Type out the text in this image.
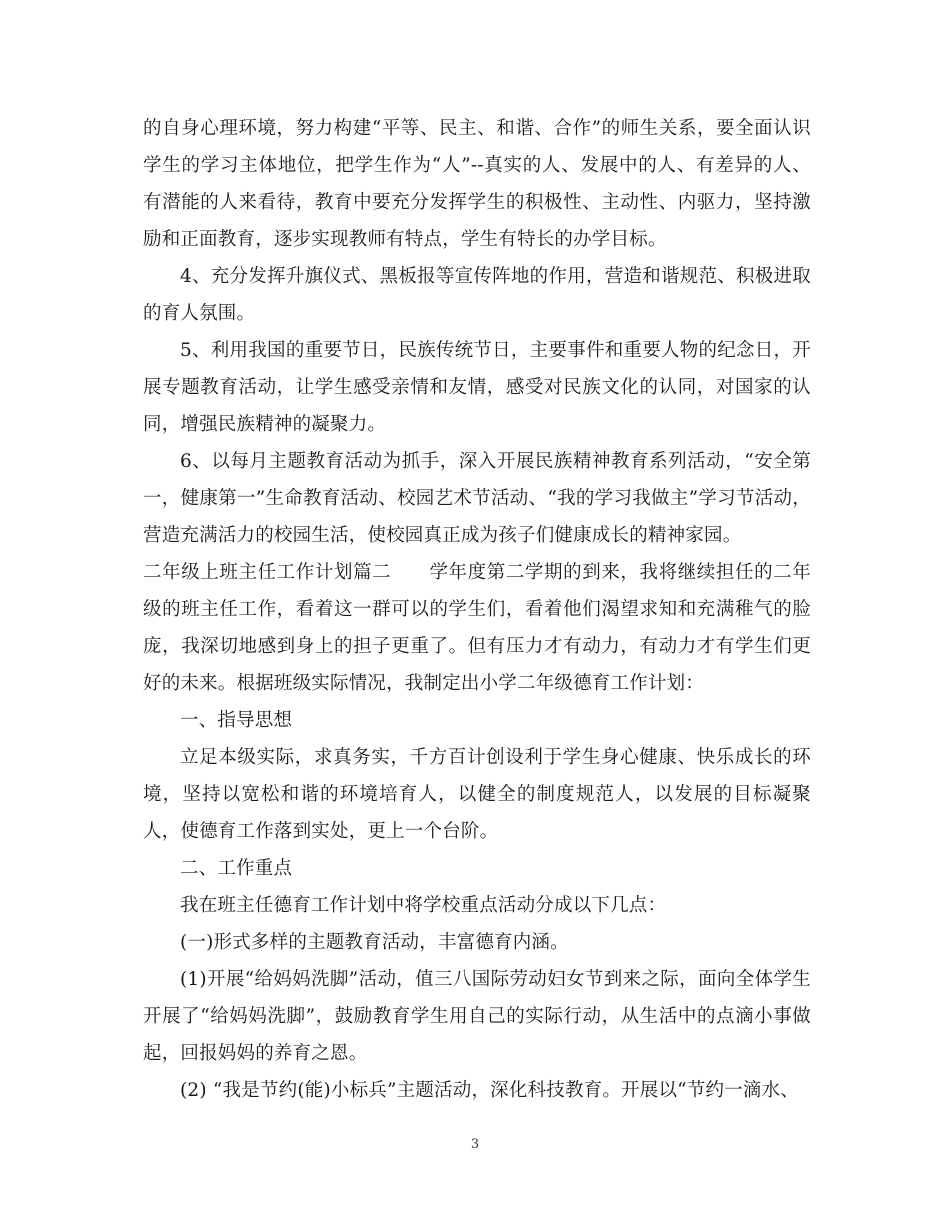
的自身心理环境，努力构建“平等、民主、和谐、合作”的师生关系，要全面认识学生的学习主体地位，把学生作为“人”--真实的人、发展中的人、有差异的人、有潜能的人来看待，教育中要充分发挥学生的积极性、主动性、内驱力，坚持激励和正面教育，逐步实现教师有特点，学生有特长的办学目标。

4、充分发挥升旗仪式、黑板报等宣传阵地的作用，营造和谐规范、积极进取的育人氛围。

5、利用我国的重要节日，民族传统节日，主要事件和重要人物的纪念日，开展专题教育活动，让学生感受亲情和友情，感受对民族文化的认同，对国家的认同，增强民族精神的凝聚力。

6、以每月主题教育活动为抓手，深入开展民族精神教育系列活动，“安全第一，健康第一”生命教育活动、校园艺术节活动、“我的学习我做主”学习节活动，营造充满活力的校园生活，使校园真正成为孩子们健康成长的精神家园。

二年级上班主任工作计划篇二　　学年度第二学期的到来，我将继续担任的二年级的班主任工作，看着这一群可以的学生们，看着他们渴望求知和充满稚气的脸庞，我深切地感到身上的担子更重了。但有压力才有动力，有动力才有学生们更好的未来。根据班级实际情况，我制定出小学二年级德育工作计划：

一、指导思想

立足本级实际，求真务实，千方百计创设利于学生身心健康、快乐成长的环境，坚持以宽松和谐的环境培育人，以健全的制度规范人，以发展的目标凝聚人，使德育工作落到实处，更上一个台阶。

二、工作重点

我在班主任德育工作计划中将学校重点活动分成以下几点：

(一)形式多样的主题教育活动，丰富德育内涵。

(1)开展“给妈妈洗脚”活动，值三八国际劳动妇女节到来之际，面向全体学生开展了“给妈妈洗脚”，鼓励教育学生用自己的实际行动，从生活中的点滴小事做起，回报妈妈的养育之恩。

(2) “我是节约(能)小标兵”主题活动，深化科技教育。开展以“节约一滴水、

3
